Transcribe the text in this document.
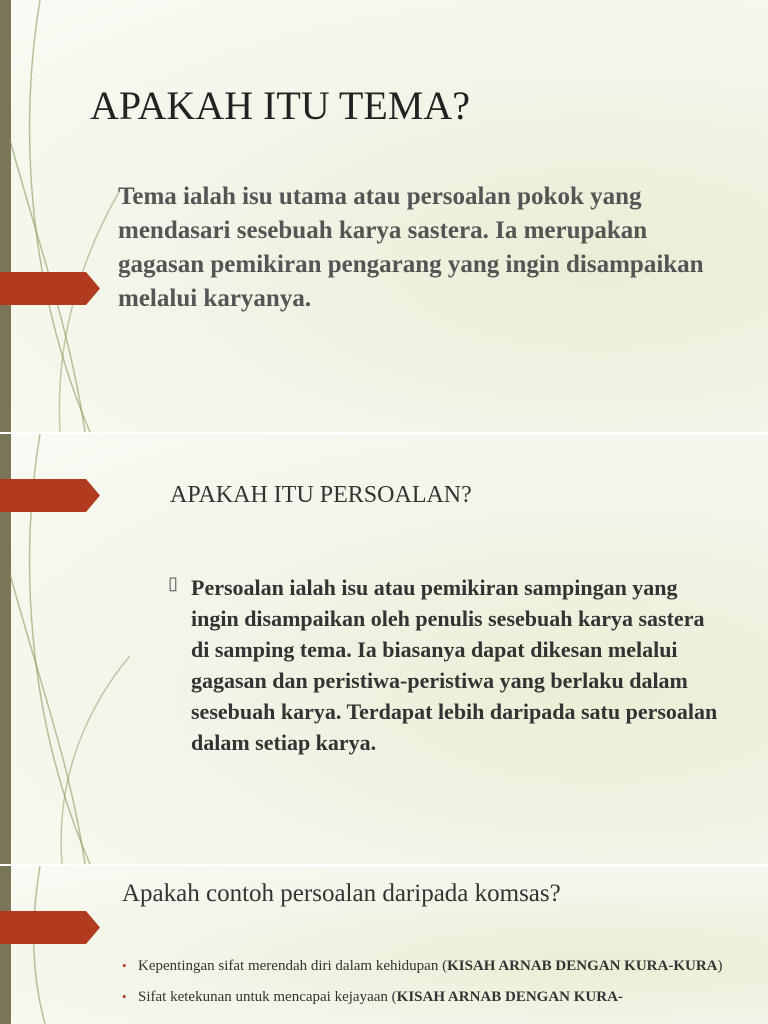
APAKAH ITU TEMA?

Tema ialah isu utama atau persoalan pokok yang mendasari sesebuah karya sastera. Ia merupakan gagasan pemikiran pengarang yang ingin disampaikan melalui karyanya.

APAKAH ITU PERSOALAN?
▯ Persoalan ialah isu atau pemikiran sampingan yang ingin disampaikan oleh penulis sesebuah karya sastera di samping tema. Ia biasanya dapat dikesan melalui gagasan dan peristiwa-peristiwa yang berlaku dalam sesebuah karya. Terdapat lebih daripada satu persoalan dalam setiap karya.

Apakah contoh persoalan daripada komsas?
• Kepentingan sifat merendah diri dalam kehidupan (KISAH ARNAB DENGAN KURA-KURA)
• Sifat ketekunan untuk mencapai kejayaan (KISAH ARNAB DENGAN KURA-
